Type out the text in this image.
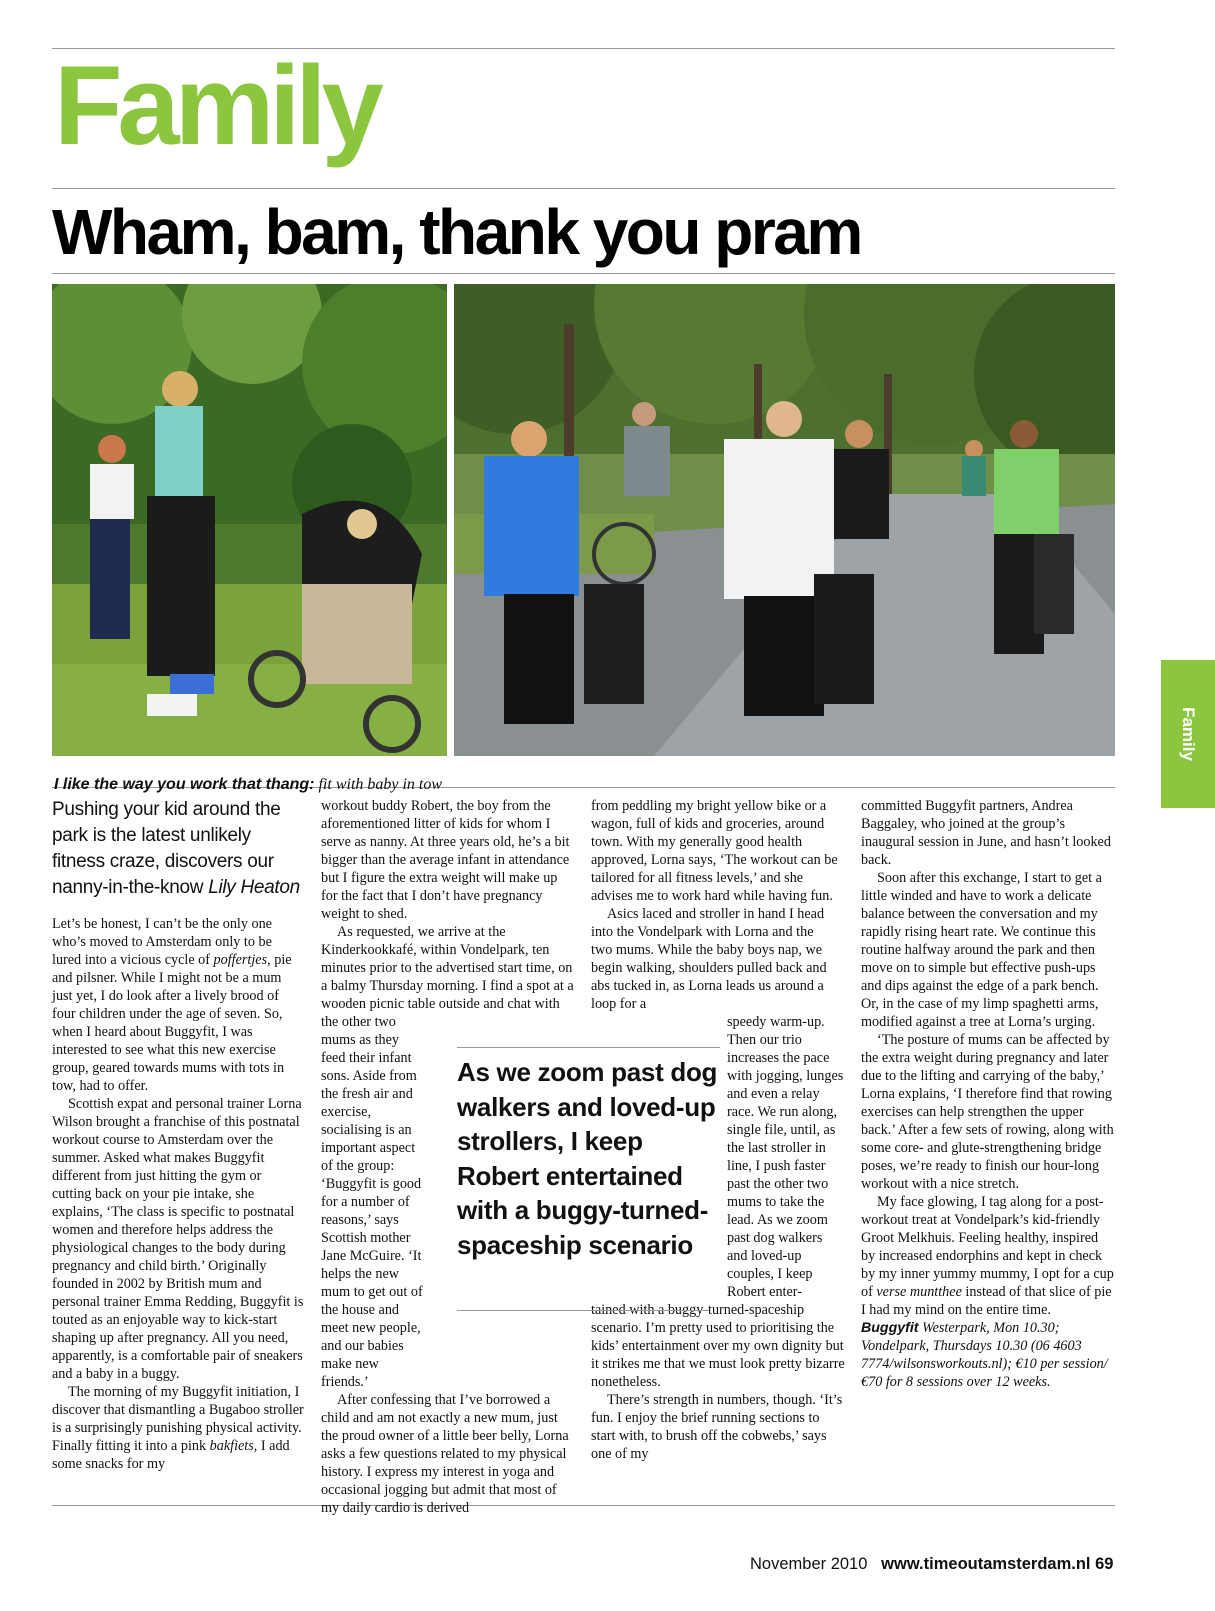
Family
Wham, bam, thank you pram
I like the way you work that thang: fit with baby in tow
Family
Pushing your kid around the park is the latest unlikely fitness craze, discovers our nanny-in-the-know Lily Heaton

Let’s be honest, I can’t be the only one who’s moved to Amsterdam only to be lured into a vicious cycle of poffertjes, pie and pilsner. While I might not be a mum just yet, I do look after a lively brood of four children under the age of seven. So, when I heard about Buggyfit, I was interested to see what this new exercise group, geared towards mums with tots in tow, had to offer.

Scottish expat and personal trainer Lorna Wilson brought a franchise of this postnatal workout course to Amsterdam over the summer. Asked what makes Buggyfit different from just hitting the gym or cutting back on your pie intake, she explains, ‘The class is specific to postnatal women and therefore helps address the physiological changes to the body during pregnancy and child birth.’ Originally founded in 2002 by British mum and personal trainer Emma Redding, Buggyfit is touted as an enjoyable way to kick-start shaping up after pregnancy. All you need, apparently, is a comfortable pair of sneakers and a baby in a buggy.

The morning of my Buggyfit initiation, I discover that dismantling a Bugaboo stroller is a surprisingly punishing physical activity. Finally fitting it into a pink bakfiets, I add some snacks for my

workout buddy Robert, the boy from the aforementioned litter of kids for whom I serve as nanny. At three years old, he’s a bit bigger than the average infant in attendance but I figure the extra weight will make up for the fact that I don’t have pregnancy weight to shed.

As requested, we arrive at the Kinderkookkafé, within Vondelpark, ten minutes prior to the advertised start time, on a balmy Thursday morning. I find a spot at a wooden picnic table outside and chat with the other two

mums as they feed their infant sons. Aside from the fresh air and exercise, socialising is an important aspect of the group: ‘Buggyfit is good for a number of reasons,’ says Scottish mother Jane McGuire. ‘It helps the new mum to get out of the house and meet new people, and our babies make new friends.’

After confessing that I’ve borrowed a child and am not exactly a new mum, just the proud owner of a little beer belly, Lorna asks a few questions related to my physical history. I express my interest in yoga and occasional jogging but admit that most of my daily cardio is derived

from peddling my bright yellow bike or a wagon, full of kids and groceries, around town. With my generally good health approved, Lorna says, ‘The workout can be tailored for all fitness levels,’ and she advises me to work hard while having fun.

Asics laced and stroller in hand I head into the Vondelpark with Lorna and the two mums. While the baby boys nap, we begin walking, shoulders pulled back and abs tucked in, as Lorna leads us around a loop for a

speedy warm-up. Then our trio increases the pace with jogging, lunges and even a relay race. We run along, single file, until, as the last stroller in line, I push faster past the other two mums to take the lead. As we zoom past dog walkers and loved-up couples, I keep Robert enter-

tained with a buggy-turned-spaceship scenario. I’m pretty used to prioritising the kids’ entertainment over my own dignity but it strikes me that we must look pretty bizarre nonetheless.

There’s strength in numbers, though. ‘It’s fun. I enjoy the brief running sections to start with, to brush off the cobwebs,’ says one of my

committed Buggyfit partners, Andrea Baggaley, who joined at the group’s inaugural session in June, and hasn’t looked back.

Soon after this exchange, I start to get a little winded and have to work a delicate balance between the conversation and my rapidly rising heart rate. We continue this routine halfway around the park and then move on to simple but effective push-ups and dips against the edge of a park bench. Or, in the case of my limp spaghetti arms, modified against a tree at Lorna’s urging.

‘The posture of mums can be affected by the extra weight during pregnancy and later due to the lifting and carrying of the baby,’ Lorna explains, ‘I therefore find that rowing exercises can help strengthen the upper back.’ After a few sets of rowing, along with some core- and glute-strengthening bridge poses, we’re ready to finish our hour-long workout with a nice stretch.

My face glowing, I tag along for a post-workout treat at Vondelpark’s kid-friendly Groot Melkhuis. Feeling healthy, inspired by increased endorphins and kept in check by my inner yummy mummy, I opt for a cup of verse muntthee instead of that slice of pie I had my mind on the entire time.

Buggyfit Westerpark, Mon 10.30; Vondelpark, Thursdays 10.30 (06 4603 7774/wilsonsworkouts.nl); €10 per session/€70 for 8 sessions over 12 weeks.

As we zoom past dog walkers and loved-up strollers, I keep Robert entertained with a buggy-turned-spaceship scenario
November 2010 www.timeoutamsterdam.nl 69
